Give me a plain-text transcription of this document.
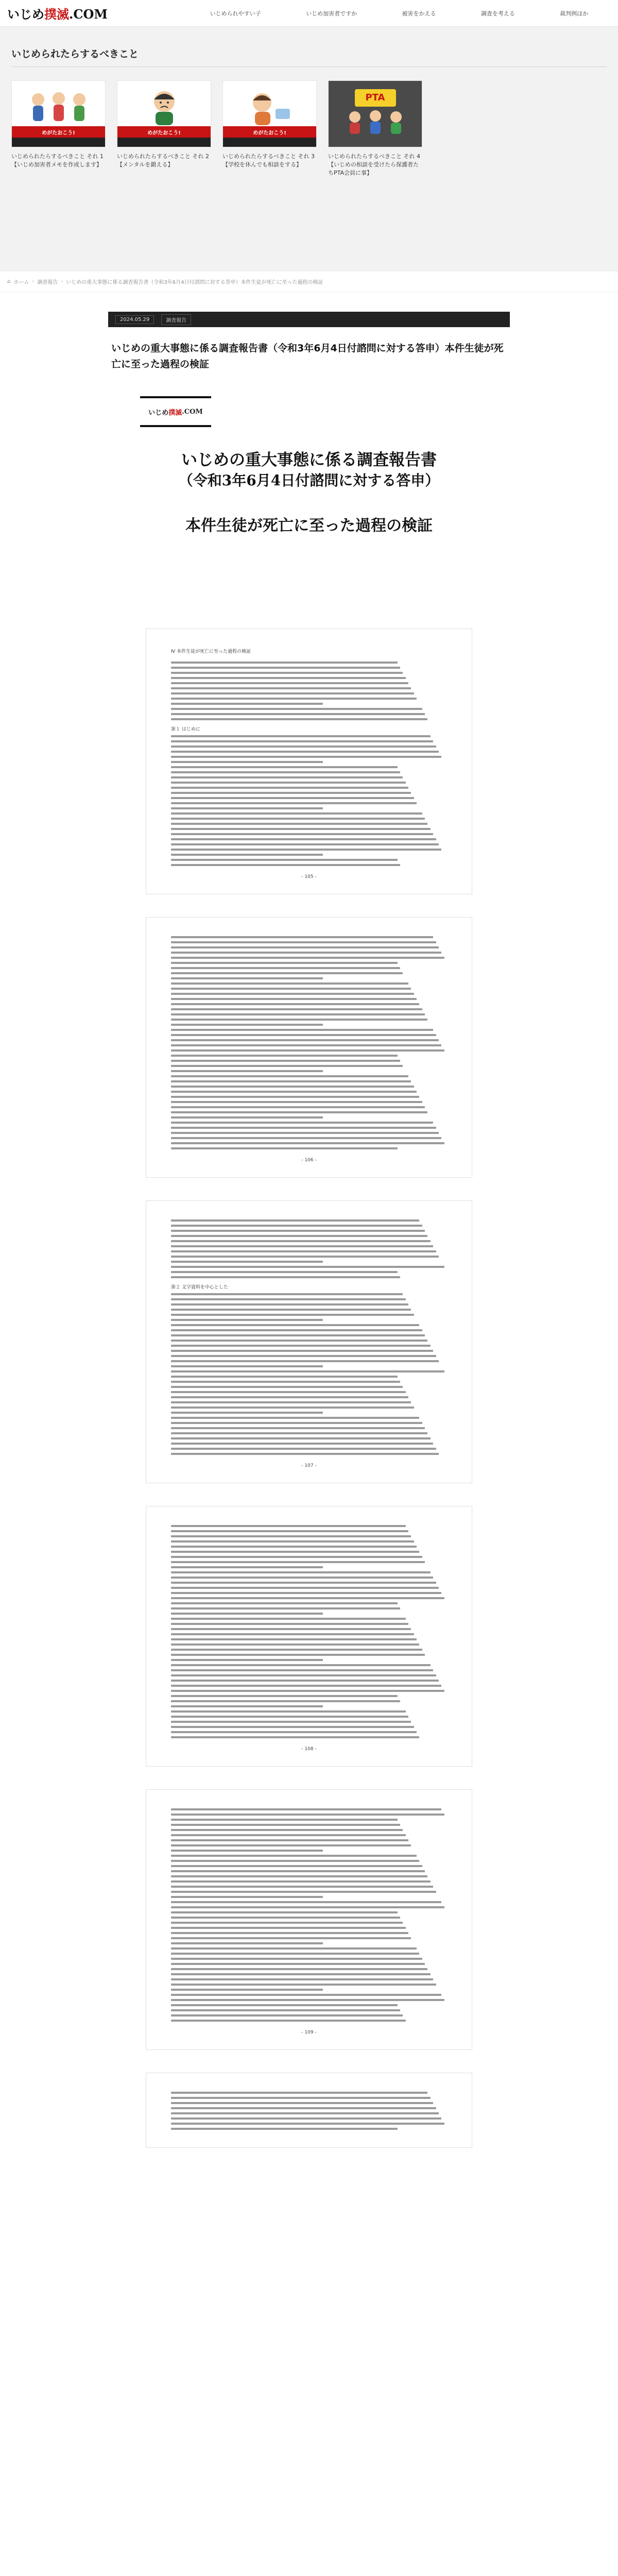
いじめ撲滅.COM	いじめられやすい子	いじめ加害者ですか	被害をかえる	調査を考える	裁判例ほか
いじめられたらするべきこと
めがたおこう!

いじめられたらするべきこと それ 1【いじめ加害者メモを作成します】

めがたおこう!

いじめられたらするべきこと それ 2【メンタルを鍛える】

めがたおこう!

いじめられたらするべきこと それ 3【学校を休んでも相談をする】

PTA

いじめられたらするべきこと それ 4【いじめの相談を受けたら保護者たちPTA会員に事】

⌂ ホーム › 調査報告 › いじめの重大事態に係る調査報告書（令和3年6月4日付諮問に対する答申）本件生徒が死亡に至った過程の検証
2024.05.29	調査報告
いじめの重大事態に係る調査報告書（令和3年6月4日付諮問に対する答申）本件生徒が死亡に至った過程の検証
いじめ 撲滅 .COM
いじめの重大事態に係る調査報告書
（令和3年6月4日付諮問に対する答申）
本件生徒が死亡に至った過程の検証
Ⅳ 本件生徒が死亡に至った過程の検証
第１ はじめに
- 105 -
- 106 -
第２ 文字資料を中心とした
- 107 -
- 108 -
- 109 -
